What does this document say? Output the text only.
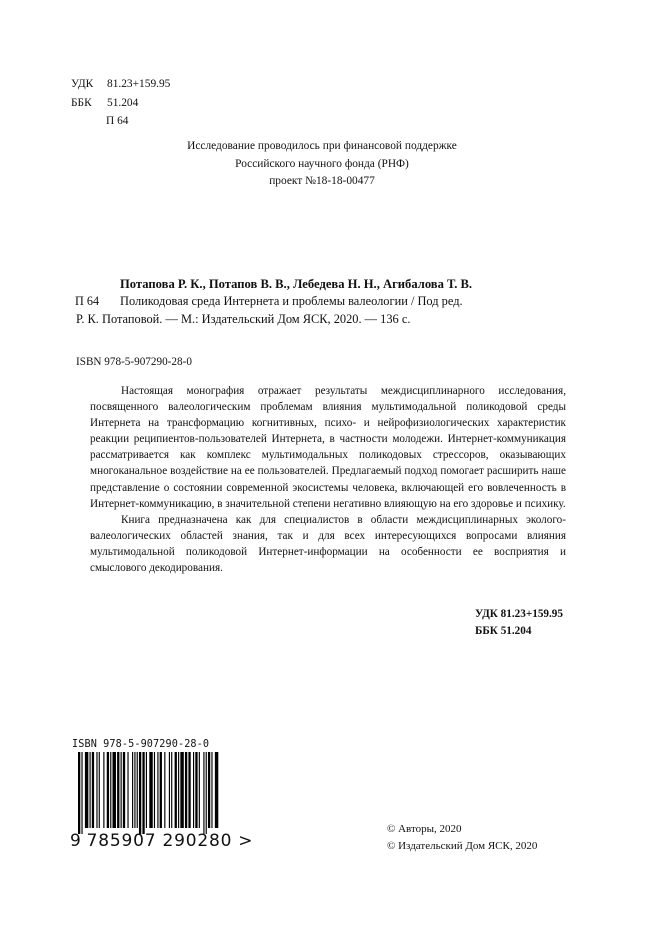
УДК	81.23+159.95
ББК	51.204
П 64
Исследование проводилось при финансовой поддержке
Российского научного фонда (РНФ)
проект №18-18-00477
Потапова Р. К., Потапов В. В., Лебедева Н. Н., Агибалова Т. В.
Поликодовая среда Интернета и проблемы валеологии / Под ред.
Р. К. Потаповой. — М.: Издательский Дом ЯСК, 2020. — 136 с.
П 64
ISBN 978-5-907290-28-0

Настоящая монография отражает результаты междисциплинарного исследования, посвященного валеологическим проблемам влияния мультимодальной поликодовой среды Интернета на трансформацию когнитивных, психо- и нейрофизиологических характеристик реакции реципиентов-пользователей Интернета, в частности молодежи. Интернет-коммуникация рассматривается как комплекс мультимодальных поликодовых стрессоров, оказывающих многоканальное воздействие на ее пользователей. Предлагаемый подход помогает расширить наше представление о состоянии современной экосистемы человека, включающей его вовлеченность в Интернет-коммуникацию, в значительной степени негативно влияющую на его здоровье и психику.

Книга предназначена как для специалистов в области междисциплинарных эколого-валеологических областей знания, так и для всех интересующихся вопросами влияния мультимодальной поликодовой Интернет-информации на особенности ее восприятия и смыслового декодирования.

УДК 81.23+159.95
ББК 51.204
ISBN 978-5-907290-28-0
9 785907 290280 >
© Авторы, 2020
© Издательский Дом ЯСК, 2020
